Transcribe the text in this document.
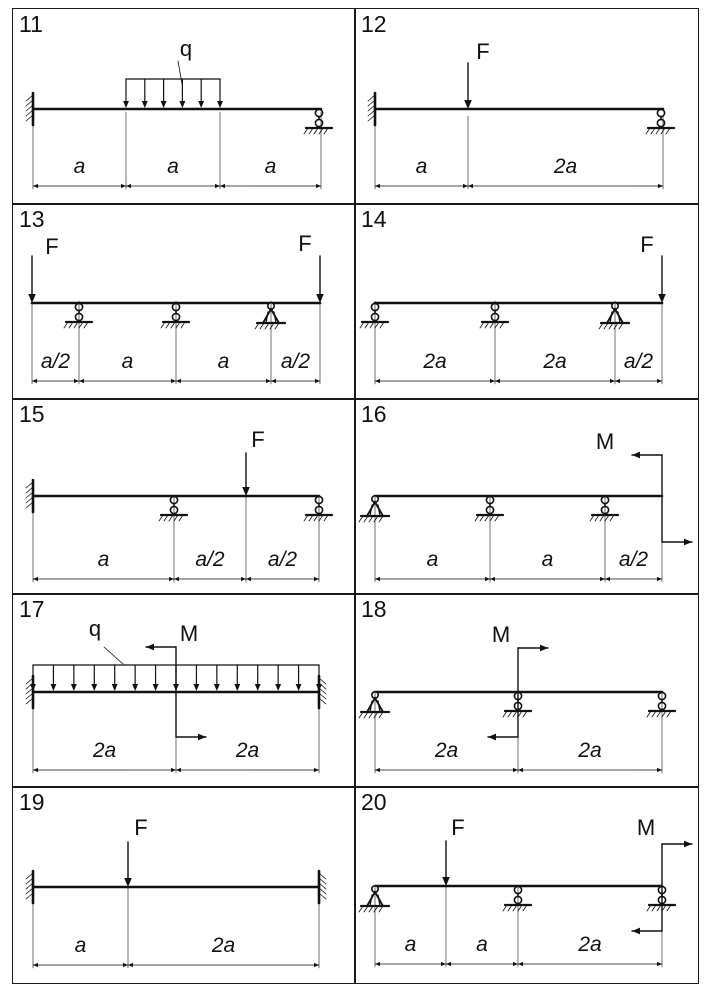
11
q
a	a	a
12
F
a	2a
13
F	F
a/2 a	a a/2
14
F
2a	2a	a/2
15
F
a	a/2 a/2
16
M
a	a	a/2
17
q	M
2a	2a
18
M
2a	2a
19
F
a	2a
20
F	M
a	a	2a
